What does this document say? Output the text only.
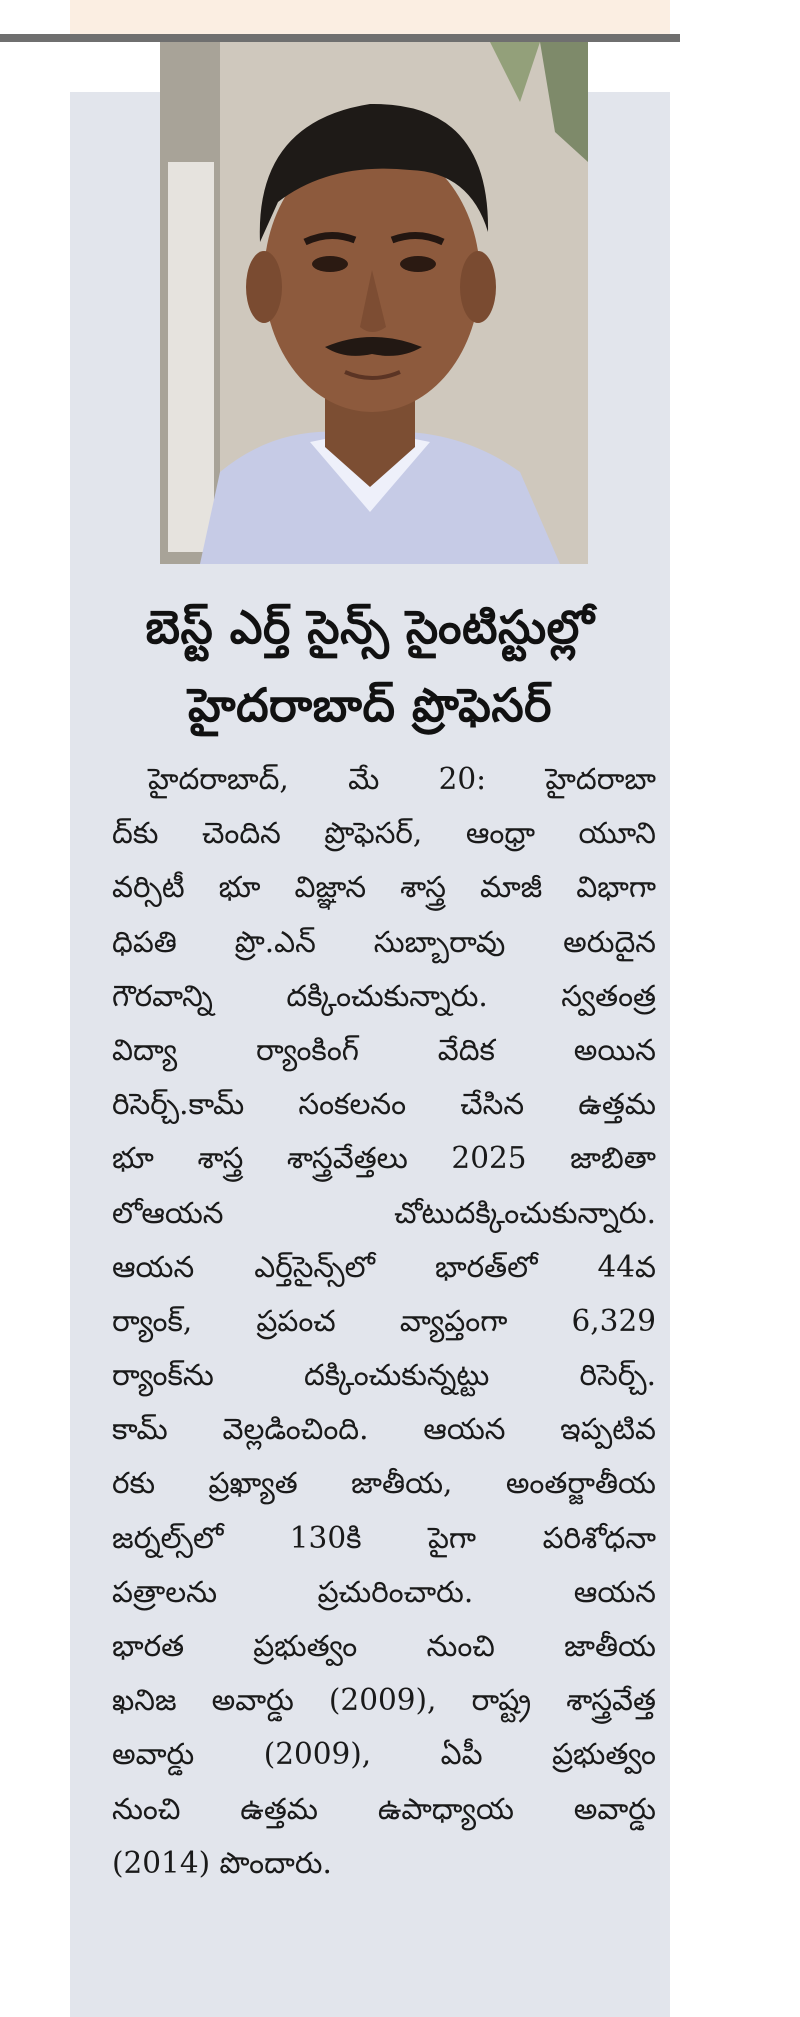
బెస్ట్ ఎర్త్ సైన్స్ సైంటిస్టుల్లో
హైదరాబాద్ ప్రొఫెసర్
హైదరాబాద్, మే 20: హైదరాబా
ద్‌కు చెందిన ప్రొఫెసర్, ఆంధ్రా యూని
వర్సిటీ భూ విజ్ఞాన శాస్త్ర మాజీ విభాగా
ధిపతి ప్రొ.ఎన్ సుబ్బారావు అరుదైన
గౌరవాన్ని దక్కించుకున్నారు. స్వతంత్ర
విద్యా ర్యాంకింగ్ వేదిక అయిన
రిసెర్చ్.కామ్ సంకలనం చేసిన ఉత్తమ
భూ శాస్త్ర శాస్త్రవేత్తలు 2025 జాబితా
లోఆయన చోటుదక్కించుకున్నారు.
ఆయన ఎర్త్‌సైన్స్‌లో భారత్‌లో 44వ
ర్యాంక్, ప్రపంచ వ్యాప్తంగా 6,329
ర్యాంక్‌ను దక్కించుకున్నట్టు రిసెర్చ్.
కామ్ వెల్లడించింది. ఆయన ఇప్పటివ
రకు ప్రఖ్యాత జాతీయ, అంతర్జాతీయ
జర్నల్స్‌లో 130కి పైగా పరిశోధనా
పత్రాలను ప్రచురించారు. ఆయన
భారత ప్రభుత్వం నుంచి జాతీయ
ఖనిజ అవార్డు (2009), రాష్ట్ర శాస్త్రవేత్త
అవార్డు (2009), ఏపీ ప్రభుత్వం
నుంచి ఉత్తమ ఉపాధ్యాయ అవార్డు
(2014) పొందారు.
